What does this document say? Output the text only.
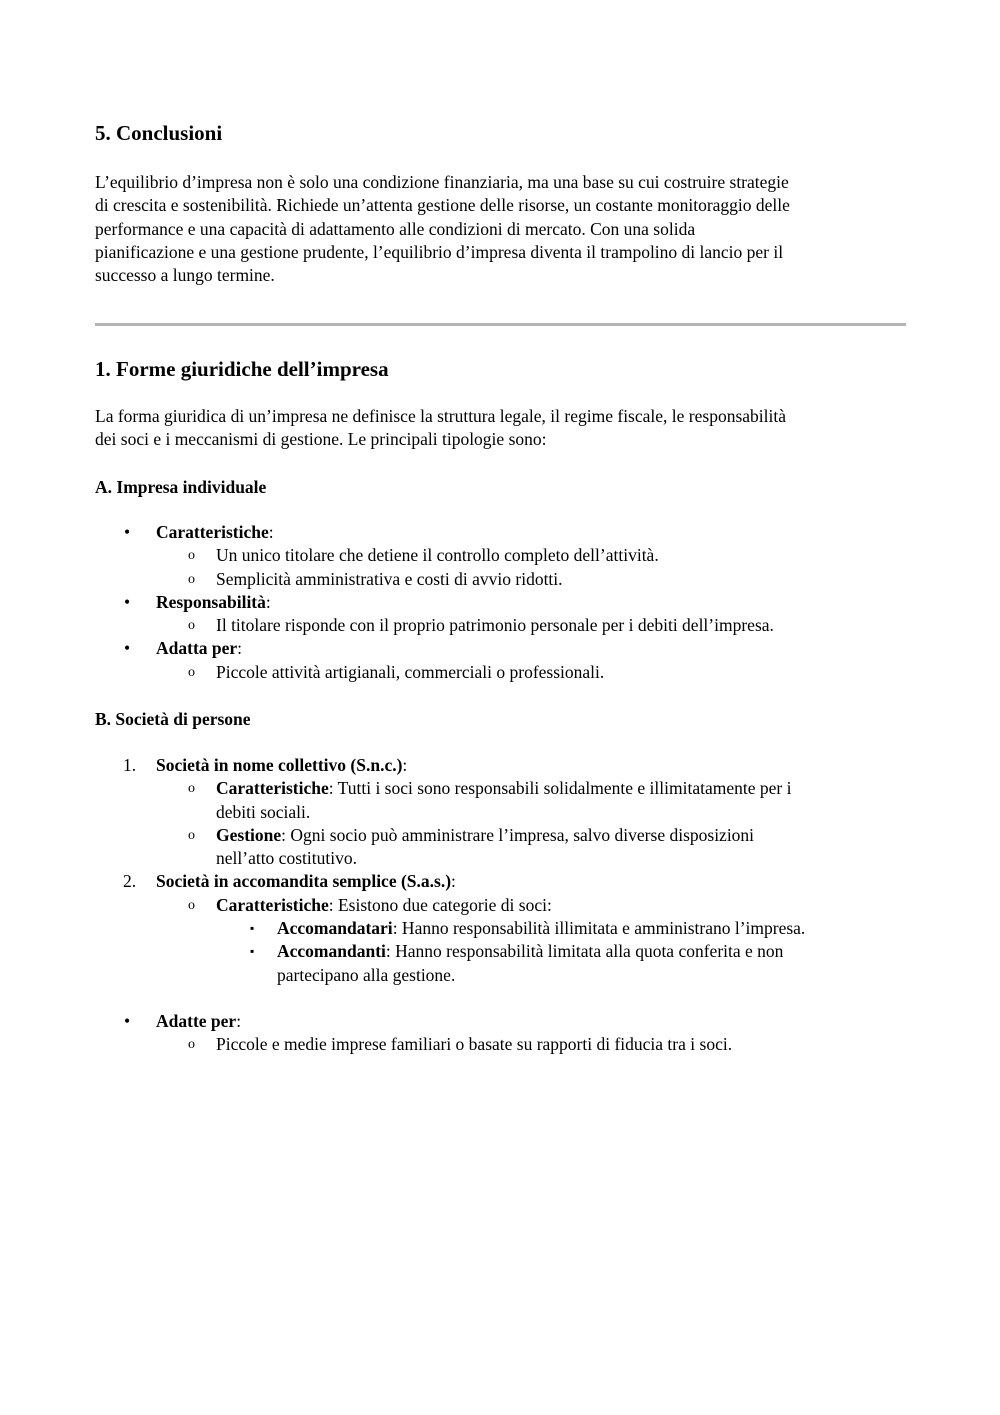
5. Conclusioni

L’equilibrio d’impresa non è solo una condizione finanziaria, ma una base su cui costruire strategie

di crescita e sostenibilità. Richiede un’attenta gestione delle risorse, un costante monitoraggio delle

performance e una capacità di adattamento alle condizioni di mercato. Con una solida

pianificazione e una gestione prudente, l’equilibrio d’impresa diventa il trampolino di lancio per il

successo a lungo termine.

1. Forme giuridiche dell’impresa

La forma giuridica di un’impresa ne definisce la struttura legale, il regime fiscale, le responsabilità

dei soci e i meccanismi di gestione. Le principali tipologie sono:

A. Impresa individuale
• Caratteristiche:
o Un unico titolare che detiene il controllo completo dell’attività.
o Semplicità amministrativa e costi di avvio ridotti.
• Responsabilità:
o Il titolare risponde con il proprio patrimonio personale per i debiti dell’impresa.
• Adatta per:
o Piccole attività artigianali, commerciali o professionali.
B. Società di persone
1. Società in nome collettivo (S.n.c.):
o Caratteristiche: Tutti i soci sono responsabili solidalmente e illimitatamente per i
debiti sociali.
o Gestione: Ogni socio può amministrare l’impresa, salvo diverse disposizioni
nell’atto costitutivo.
2. Società in accomandita semplice (S.a.s.):
o Caratteristiche: Esistono due categorie di soci:
▪ Accomandatari: Hanno responsabilità illimitata e amministrano l’impresa.
▪ Accomandanti: Hanno responsabilità limitata alla quota conferita e non
partecipano alla gestione.
• Adatte per:
o Piccole e medie imprese familiari o basate su rapporti di fiducia tra i soci.
